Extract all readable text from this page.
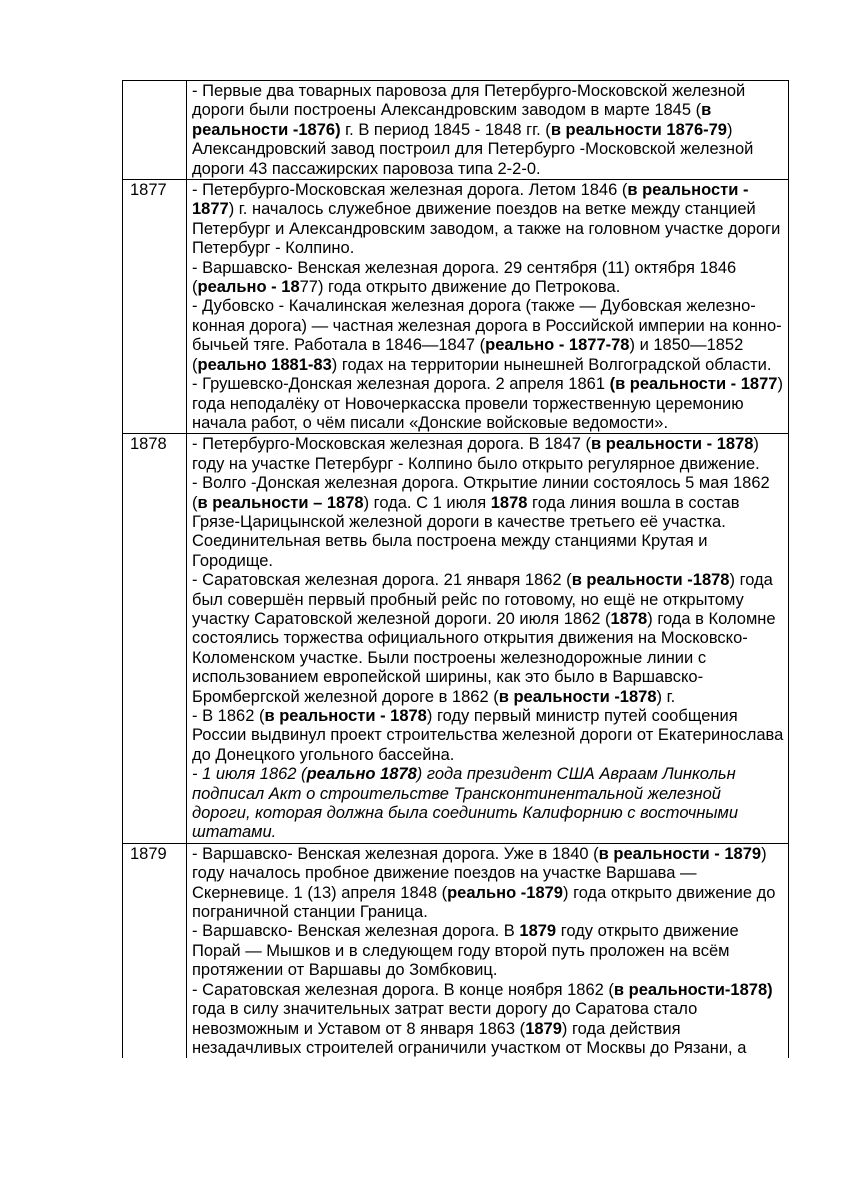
	- Первые два товарных паровоза для Петербурго-Московской железной дороги были построены Александровским заводом в марте 1845 (в реальности -1876) г. В период 1845 - 1848 гг. (в реальности 1876-79) Александровский завод построил для Петербурго -Московской железной дороги 43 пассажирских паровоза типа 2-2-0.

1877	- Петербурго-Московская железная дорога. Летом 1846 (в реальности - 1877) г. началось служебное движение поездов на ветке между станцией Петербург и Александровским заводом, а также на головном участке дороги Петербург - Колпино.

- Варшавско- Венская железная дорога. 29 сентября (11) октября 1846 (реально - 1877) года открыто движение до Петрокова.

- Дубовско - Качалинская железная дорога (также — Дубовская железно-конная дорога) — частная железная дорога в Российской империи на конно-бычьей тяге. Работала в 1846—1847 (реально - 1877-78) и 1850—1852 (реально 1881-83) годах на территории нынешней Волгоградской области.

- Грушевско-Донская железная дорога. 2 апреля 1861 (в реальности - 1877) года неподалёку от Новочеркасска провели торжественную церемонию начала работ, о чём писали «Донские войсковые ведомости».

1878	- Петербурго-Московская железная дорога. В 1847 (в реальности - 1878) году на участке Петербург - Колпино было открыто регулярное движение.

- Волго -Донская железная дорога. Открытие линии состоялось 5 мая 1862 (в реальности – 1878) года. С 1 июля 1878 года линия вошла в состав Грязе-Царицынской железной дороги в качестве третьего её участка. Соединительная ветвь была построена между станциями Крутая и Городище.

- Саратовская железная дорога. 21 января 1862 (в реальности -1878) года был совершён первый пробный рейс по готовому, но ещё не открытому участку Саратовской железной дороги. 20 июля 1862 (1878) года в Коломне состоялись торжества официального открытия движения на Московско-Коломенском участке. Были построены железнодорожные линии с использованием европейской ширины, как это было в Варшавско-Бромбергской железной дороге в 1862 (в реальности -1878) г.

- В 1862 (в реальности - 1878) году первый министр путей сообщения России выдвинул проект строительства железной дороги от Екатеринослава до Донецкого угольного бассейна.

- 1 июля 1862 (реально 1878) года президент США Авраам Линкольн подписал Акт о строительстве Трансконтинентальной железной дороги, которая должна была соединить Калифорнию с восточными штатами.

1879	- Варшавско- Венская железная дорога. Уже в 1840 (в реальности - 1879) году началось пробное движение поездов на участке Варшава — Скерневице. 1 (13) апреля 1848 (реально -1879) года открыто движение до пограничной станции Граница.

- Варшавско- Венская железная дорога. В 1879 году открыто движение Порай — Мышков и в следующем году второй путь проложен на всём протяжении от Варшавы до Зомбковиц.

- Саратовская железная дорога. В конце ноября 1862 (в реальности-1878) года в силу значительных затрат вести дорогу до Саратова стало невозможным и Уставом от 8 января 1863 (1879) года действия незадачливых строителей ограничили участком от Москвы до Рязани, а
